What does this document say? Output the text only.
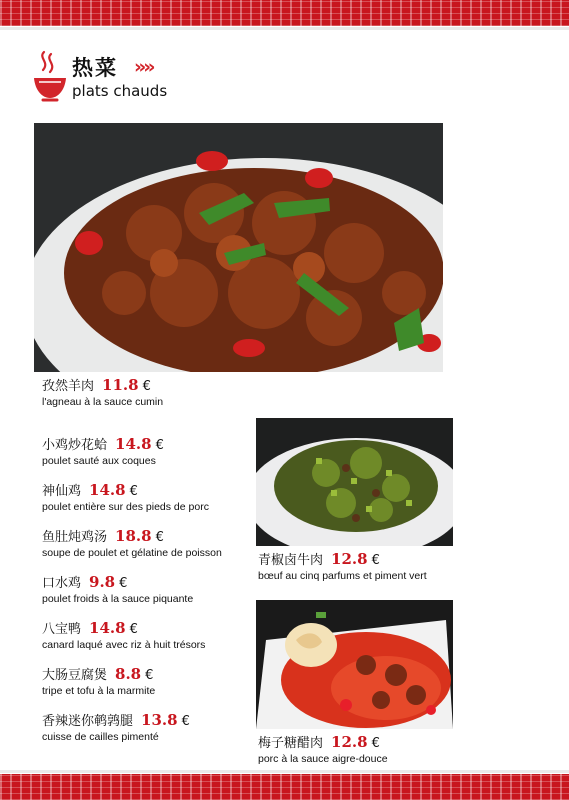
热菜 »»
plats chauds
孜然羊肉 11.8 €
l'agneau à la sauce cumin
小鸡炒花蛤 14.8 €
poulet sauté aux coques
神仙鸡 14.8 €
poulet entière sur des pieds de porc
鱼肚炖鸡汤 18.8 €
soupe de poulet et gélatine de poisson
口水鸡 9.8 €
poulet froids à la sauce piquante
八宝鸭 14.8 €
canard laqué avec riz à huit trésors
大肠豆腐煲 8.8 €
tripe et tofu à la marmite
香辣迷你鹌鹑腿 13.8 €
cuisse de cailles pimenté
青椒卤牛肉 12.8 €
bœuf au cinq parfums et piment vert
梅子糖醋肉 12.8 €
porc à la sauce aigre-douce
